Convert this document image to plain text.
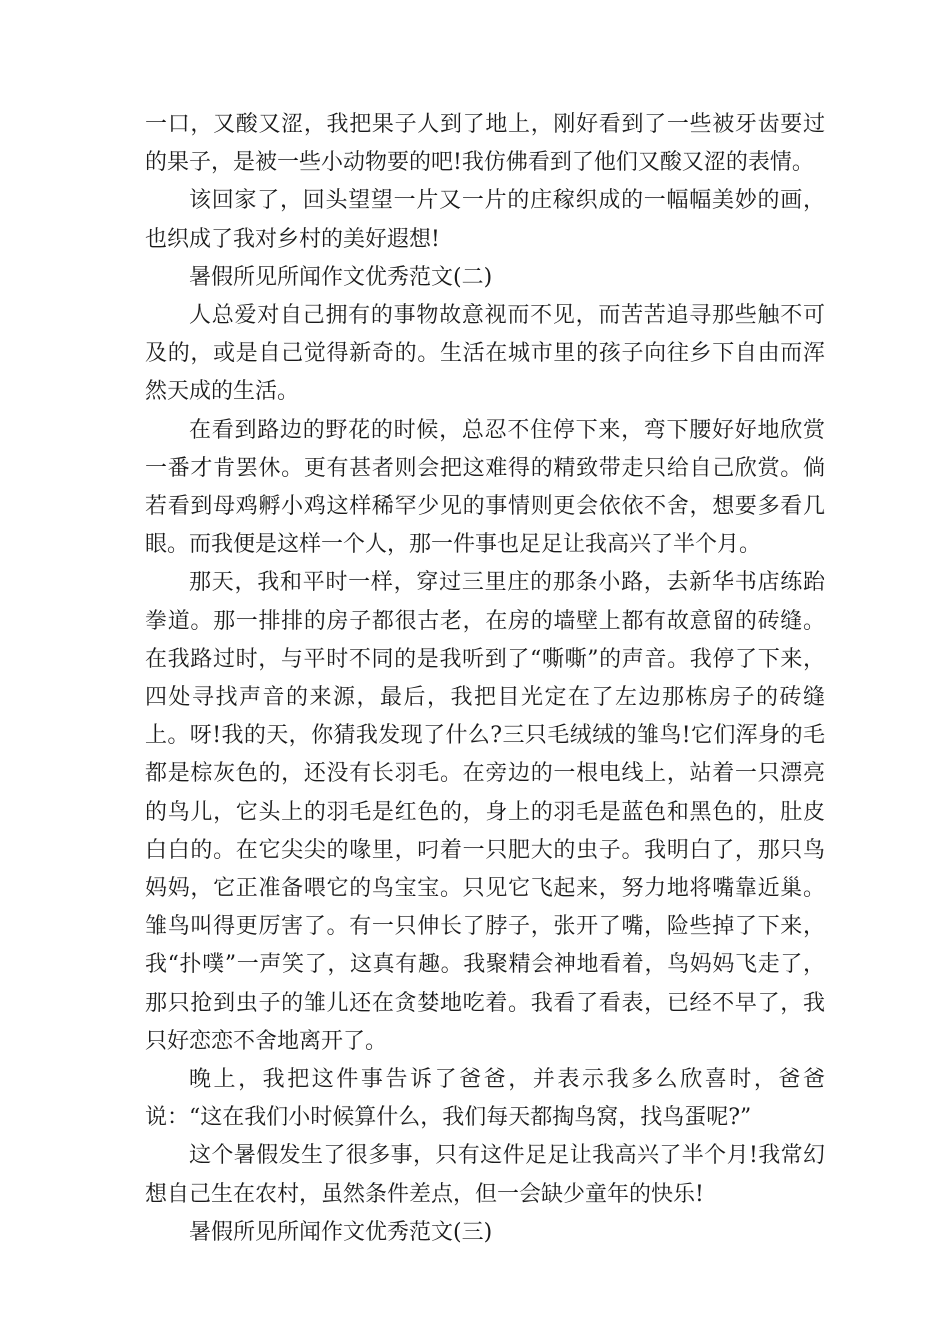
一口，又酸又涩，我把果子人到了地上，刚好看到了一些被牙齿要过的果子，是被一些小动物要的吧!我仿佛看到了他们又酸又涩的表情。

该回家了，回头望望一片又一片的庄稼织成的一幅幅美妙的画，也织成了我对乡村的美好遐想!

暑假所见所闻作文优秀范文(二)

人总爱对自己拥有的事物故意视而不见，而苦苦追寻那些触不可及的，或是自己觉得新奇的。生活在城市里的孩子向往乡下自由而浑然天成的生活。

在看到路边的野花的时候，总忍不住停下来，弯下腰好好地欣赏一番才肯罢休。更有甚者则会把这难得的精致带走只给自己欣赏。倘若看到母鸡孵小鸡这样稀罕少见的事情则更会依依不舍，想要多看几眼。而我便是这样一个人，那一件事也足足让我高兴了半个月。

那天，我和平时一样，穿过三里庄的那条小路，去新华书店练跆拳道。那一排排的房子都很古老，在房的墙壁上都有故意留的砖缝。在我路过时，与平时不同的是我听到了“嘶嘶”的声音。我停了下来，四处寻找声音的来源，最后，我把目光定在了左边那栋房子的砖缝上。呀!我的天，你猜我发现了什么?三只毛绒绒的雏鸟!它们浑身的毛都是棕灰色的，还没有长羽毛。在旁边的一根电线上，站着一只漂亮的鸟儿，它头上的羽毛是红色的，身上的羽毛是蓝色和黑色的，肚皮白白的。在它尖尖的喙里，叼着一只肥大的虫子。我明白了，那只鸟妈妈，它正准备喂它的鸟宝宝。只见它飞起来，努力地将嘴靠近巢。雏鸟叫得更厉害了。有一只伸长了脖子，张开了嘴，险些掉了下来，我“扑噗”一声笑了，这真有趣。我聚精会神地看着，鸟妈妈飞走了，那只抢到虫子的雏儿还在贪婪地吃着。我看了看表，已经不早了，我只好恋恋不舍地离开了。

晚上，我把这件事告诉了爸爸，并表示我多么欣喜时，爸爸说：“这在我们小时候算什么，我们每天都掏鸟窝，找鸟蛋呢?”

这个暑假发生了很多事，只有这件足足让我高兴了半个月!我常幻想自己生在农村，虽然条件差点，但一会缺少童年的快乐!

暑假所见所闻作文优秀范文(三)
